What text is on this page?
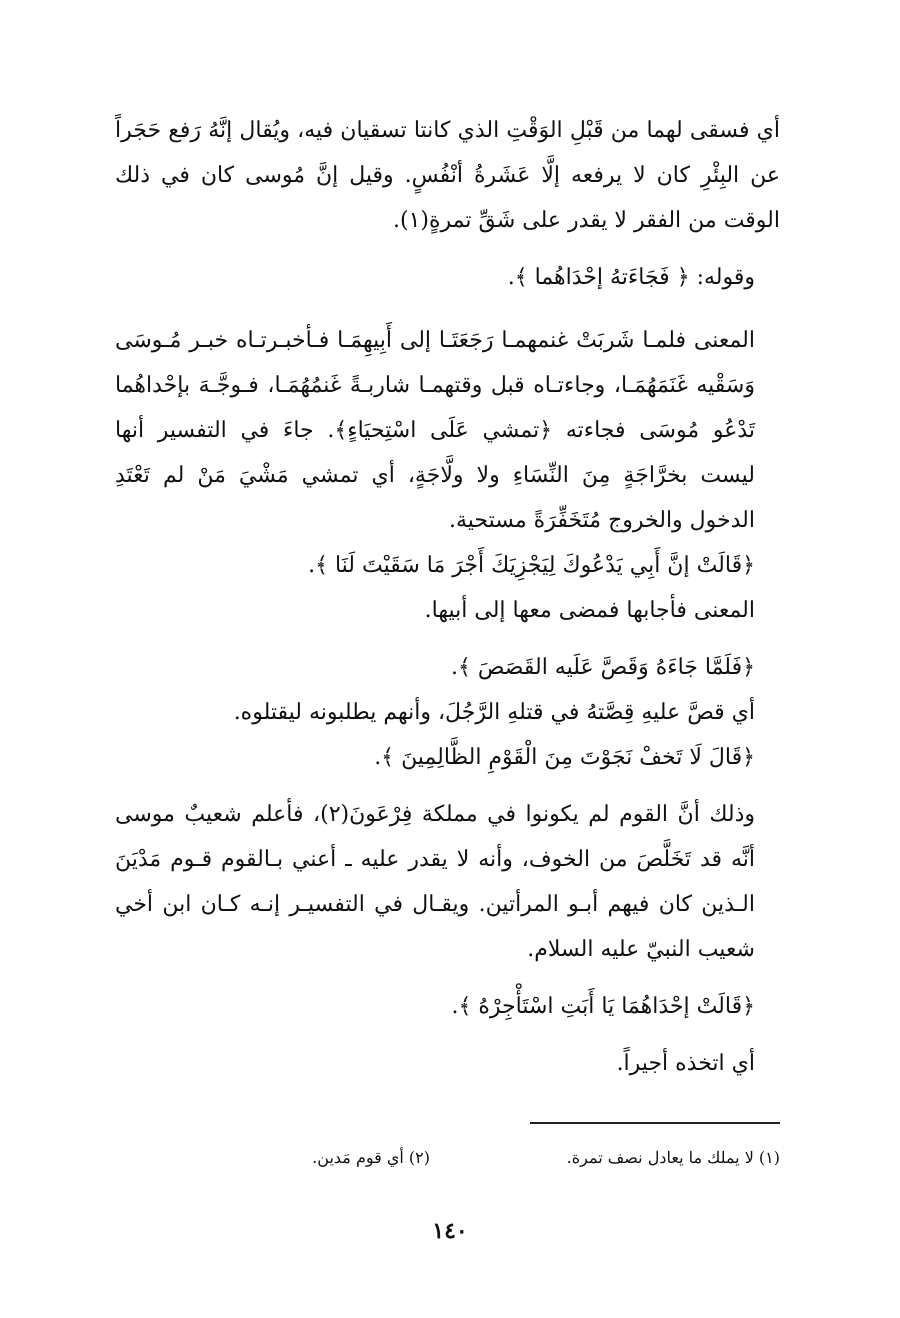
أي فسقى لهما من قَبْلِ الوَقْتِ الذي كانتا تسقيان فيه، ويُقال إنَّهُ رَفع حَجَراً عن البِئْرِ كان لا يرفعه إلَّا عَشَرةُ أنْفُسٍ. وقيل إنَّ مُوسى كان في ذلك الوقت من الفقر لا يقدر على شَقِّ تمرةٍ(١).

وقوله: ﴿ فَجَاءَتهُ إحْدَاهُما ﴾.

المعنى فلمـا شَربَتْ غنمهمـا رَجَعَتَـا إلى أَبِيهِمَـا فـأخبـرتـاه خبـر مُـوسَى وَسَقْيه غَنَمَهُمَـا، وجاءتـاه قبل وقتهمـا شاربـةً غَنمُهُمَـا، فـوجَّـهَ بإحْداهُما تَدْعُو مُوسَى فجاءته ﴿تمشي عَلَى اسْتِحيَاءٍ﴾. جاءَ في التفسير أنها ليست بخرَّاجَةٍ مِنَ النِّسَاءِ ولا ولَّاجَةٍ، أي تمشي مَشْيَ مَنْ لم تَعْتَدِ الدخول والخروج مُتَخَفِّرَةً مستحية.

﴿قَالَتْ إنَّ أَبِي يَدْعُوكَ لِيَجْزِيَكَ أَجْرَ مَا سَقَيْتَ لَنَا ﴾.

المعنى فأجابها فمضى معها إلى أبيها.

﴿فَلَمَّا جَاءَهُ وَقَصَّ عَلَيه القَصَصَ ﴾.

أي قصَّ عليهِ قِصَّتهُ في قتلهِ الرَّجُلَ، وأنهم يطلبونه ليقتلوه.

﴿قَالَ لَا تَخفْ نَجَوْتَ مِنَ الْقَوْمِ الظَّالِمِينَ ﴾.

وذلك أنَّ القوم لم يكونوا في مملكة فِرْعَونَ(٢)، فأعلم شعيبٌ موسى أنَّه قد تَخَلَّصَ من الخوف، وأنه لا يقدر عليه ـ أعني بـالقوم قـوم مَدْيَنَ الـذين كان فيهم أبـو المرأتين. ويقـال في التفسيـر إنـه كـان ابن أخي شعيب النبيّ عليه السلام.

﴿قَالَتْ إحْدَاهُمَا يَا أَبَتِ اسْتَأْجِرْهُ ﴾.

أي اتخذه أجيراً.

(١) لا يملك ما يعادل نصف تمرة.
(٢) أي قوم مَدين.
١٤٠
